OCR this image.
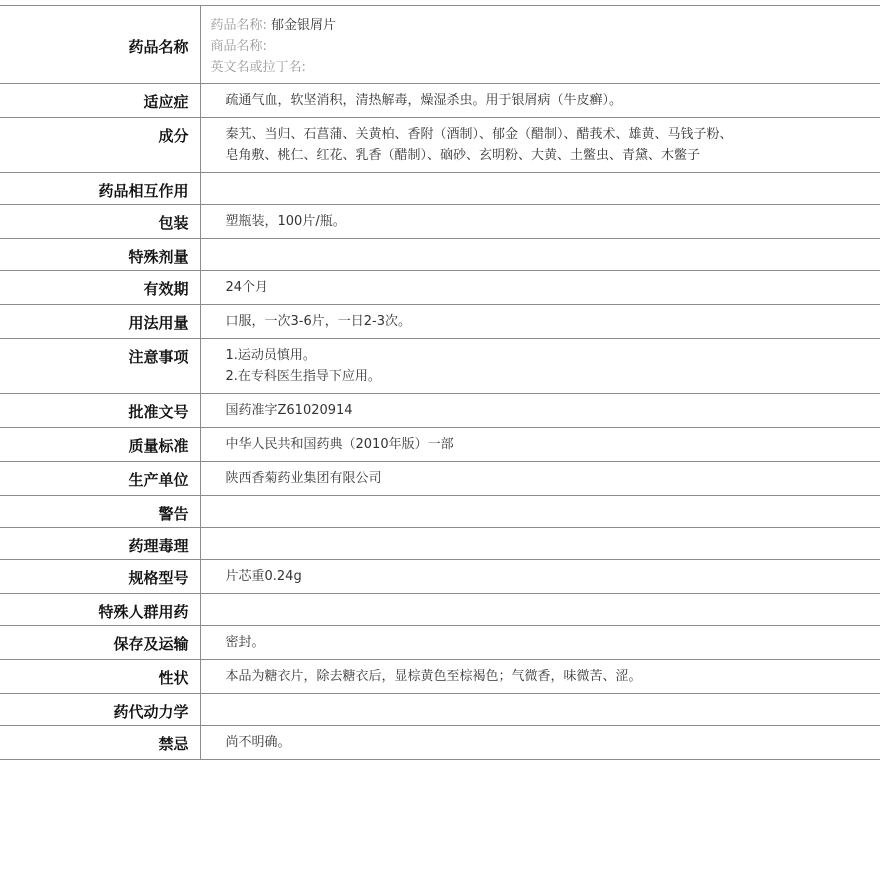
药品名称	药品名称: 郁金银屑片
商品名称:
英文名或拉丁名:

适应症	疏通气血，软坚消积，清热解毒，燥湿杀虫。用于银屑病（牛皮癣）。

成分	秦艽、当归、石菖蒲、关黄柏、香附（酒制）、郁金（醋制）、醋莪术、雄黄、马钱子粉、
皂角敷、桃仁、红花、乳香（醋制）、硇砂、玄明粉、大黄、土鳖虫、青黛、木鳖子

药品相互作用	
包装	塑瓶装，100片/瓶。

特殊剂量	
有效期	24个月

用法用量	口服，一次3-6片，一日2-3次。

注意事项	1.运动员慎用。
2.在专科医生指导下应用。

批准文号	国药准字Z61020914

质量标准	中华人民共和国药典（2010年版）一部

生产单位	陕西香菊药业集团有限公司

警告	
药理毒理	
规格型号	片芯重0.24g

特殊人群用药	
保存及运输	密封。

性状	本品为糖衣片，除去糖衣后，显棕黄色至棕褐色；气微香，味微苦、涩。

药代动力学	
禁忌	尚不明确。
